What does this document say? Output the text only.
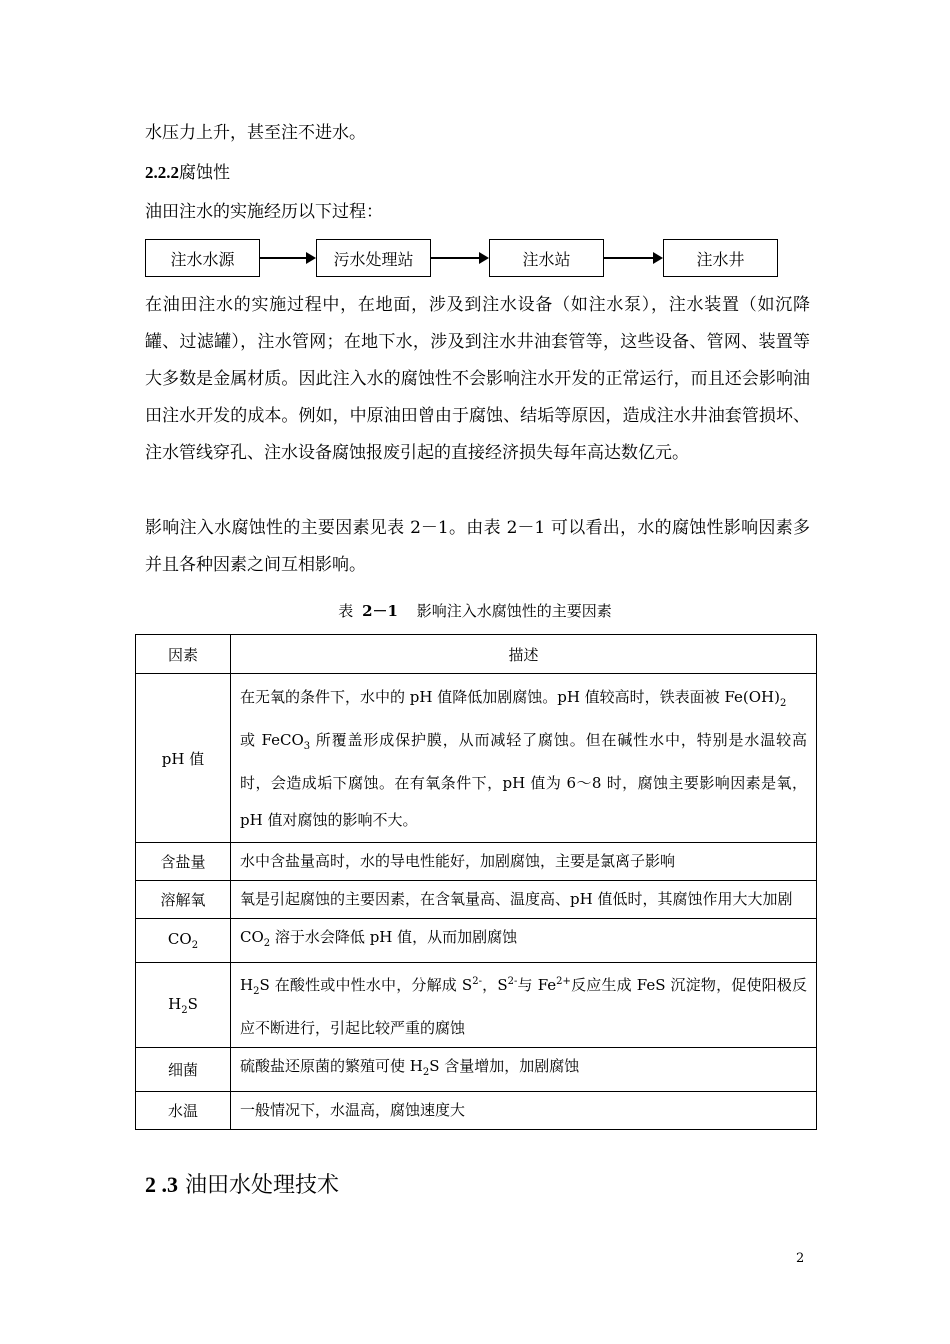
水压力上升，甚至注不进水。
2.2.2腐蚀性
油田注水的实施经历以下过程：
注水水源	污水处理站	注水站	注水井
在油田注水的实施过程中，在地面，涉及到注水设备（如注水泵），注水装置（如沉降罐、过滤罐），注水管网；在地下水，涉及到注水井油套管等，这些设备、管网、装置等大多数是金属材质。因此注入水的腐蚀性不会影响注水开发的正常运行，而且还会影响油田注水开发的成本。例如，中原油田曾由于腐蚀、结垢等原因，造成注水井油套管损坏、注水管线穿孔、注水设备腐蚀报废引起的直接经济损失每年高达数亿元。
影响注入水腐蚀性的主要因素见表 2－1。由表 2－1 可以看出，水的腐蚀性影响因素多并且各种因素之间互相影响。
表 2－1 影响注入水腐蚀性的主要因素
因素	描述
pH 值	在无氧的条件下，水中的 pH 值降低加剧腐蚀。pH 值较高时，铁表面被 $Fe(OH)_2$
或 FeCO$_3$ 所覆盖形成保护膜，从而减轻了腐蚀。但在碱性水中，特别是水温较高时，会造成垢下腐蚀。在有氧条件下，pH 值为 6～8 时，腐蚀主要影响因素是氧，pH 值对腐蚀的影响不大。
含盐量	水中含盐量高时，水的导电性能好，加剧腐蚀，主要是氯离子影响
溶解氧	氧是引起腐蚀的主要因素，在含氧量高、温度高、pH 值低时，其腐蚀作用大大加剧
$CO_2$	$CO_2$ 溶于水会降低 pH 值，从而加剧腐蚀
$H_2S$	$H_2S$ 在酸性或中性水中，分解成 $S^{2-}$，$S^{2-}$与 $Fe^{2+}$反应生成 FeS 沉淀物，促使阳极反应不断进行，引起比较严重的腐蚀
细菌	硫酸盐还原菌的繁殖可使 $H_2S$ 含量增加，加剧腐蚀
水温	一般情况下，水温高，腐蚀速度大
2 .3 油田水处理技术
2
